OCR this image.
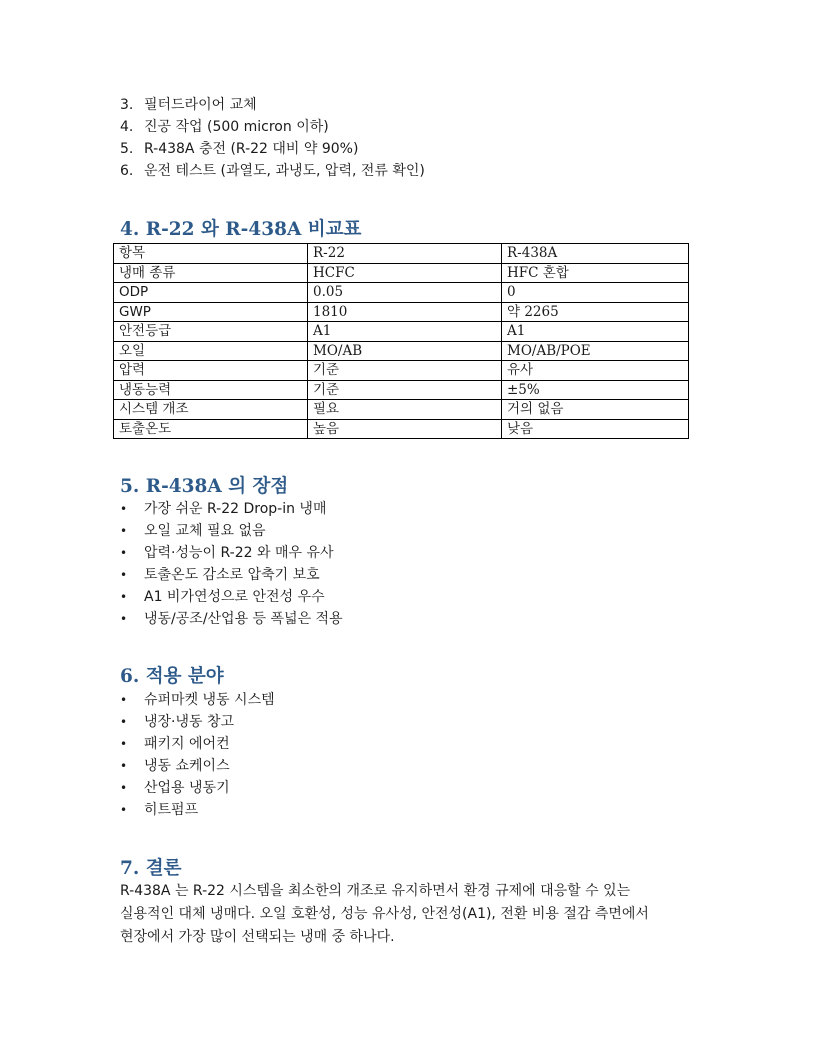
3. 필터드라이어 교체
4. 진공 작업 (500 micron 이하)
5. R-438A 충전 (R-22 대비 약 90%)
6. 운전 테스트 (과열도, 과냉도, 압력, 전류 확인)
4. R-22 와 R-438A 비교표
항목	R-22	R-438A
냉매 종류	HCFC	HFC 혼합
ODP	0.05	0
GWP	1810	약 2265
안전등급	A1	A1
오일	MO/AB	MO/AB/POE
압력	기준	유사
냉동능력	기준	±5%
시스템 개조	필요	거의 없음
토출온도	높음	낮음
5. R-438A 의 장점
•	가장 쉬운 R-22 Drop-in 냉매
•	오일 교체 필요 없음
•	압력·성능이 R-22 와 매우 유사
•	토출온도 감소로 압축기 보호
•	A1 비가연성으로 안전성 우수
•	냉동/공조/산업용 등 폭넓은 적용
6. 적용 분야
•	슈퍼마켓 냉동 시스템
•	냉장·냉동 창고
•	패키지 에어컨
•	냉동 쇼케이스
•	산업용 냉동기
•	히트펌프
7. 결론

R-438A 는 R-22 시스템을 최소한의 개조로 유지하면서 환경 규제에 대응할 수 있는
실용적인 대체 냉매다. 오일 호환성, 성능 유사성, 안전성(A1), 전환 비용 절감 측면에서
현장에서 가장 많이 선택되는 냉매 중 하나다.
